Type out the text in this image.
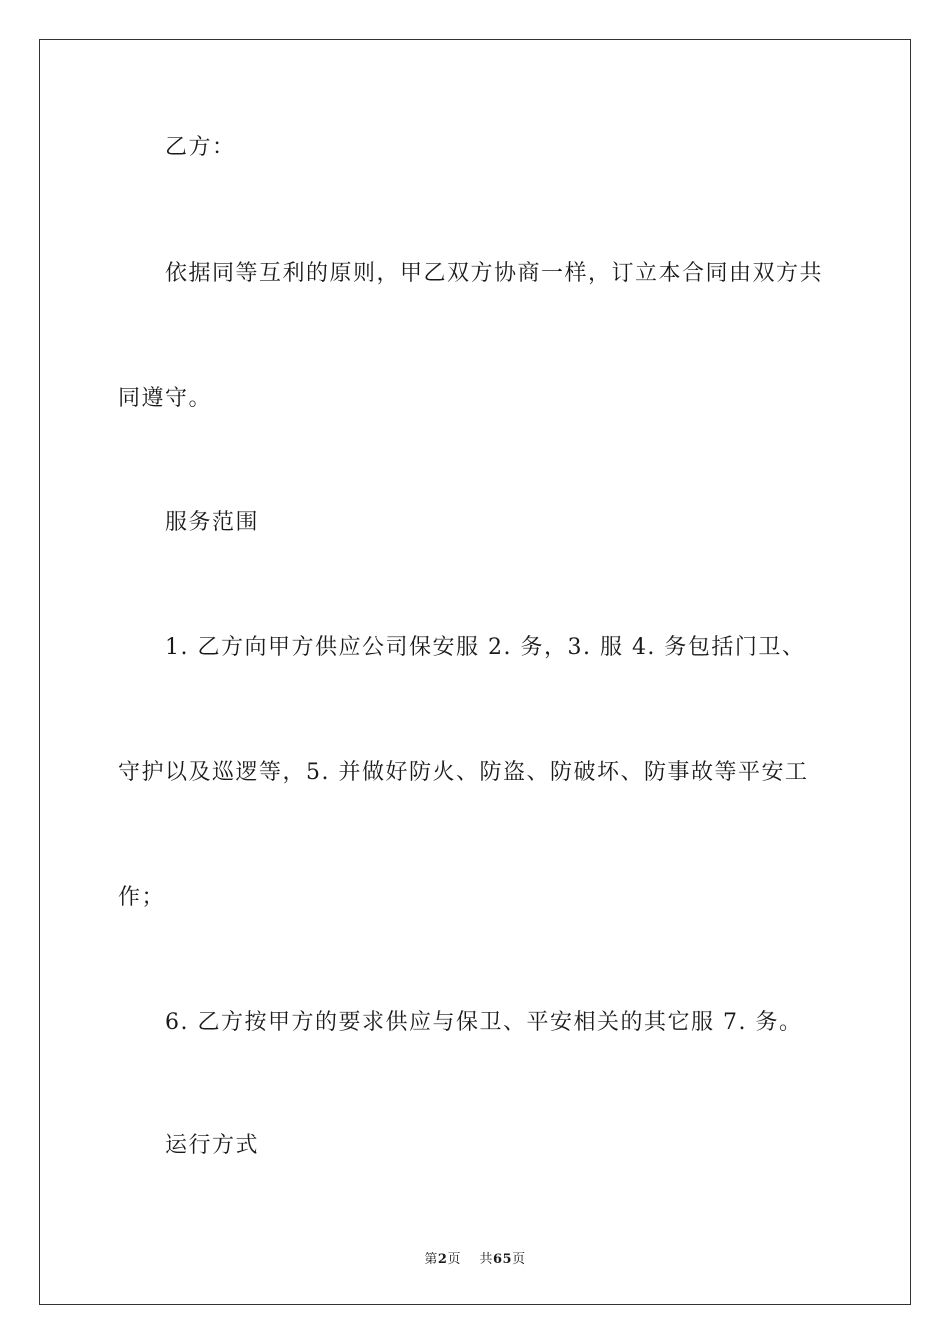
乙方：
依据同等互利的原则，甲乙双方协商一样，订立本合同由双方共
同遵守。
服务范围
1. 乙方向甲方供应公司保安服 2. 务，3. 服 4. 务包括门卫、
守护以及巡逻等，5. 并做好防火、防盗、防破坏、防事故等平安工
作；
6. 乙方按甲方的要求供应与保卫、平安相关的其它服 7. 务。
运行方式
第2页    共65页
